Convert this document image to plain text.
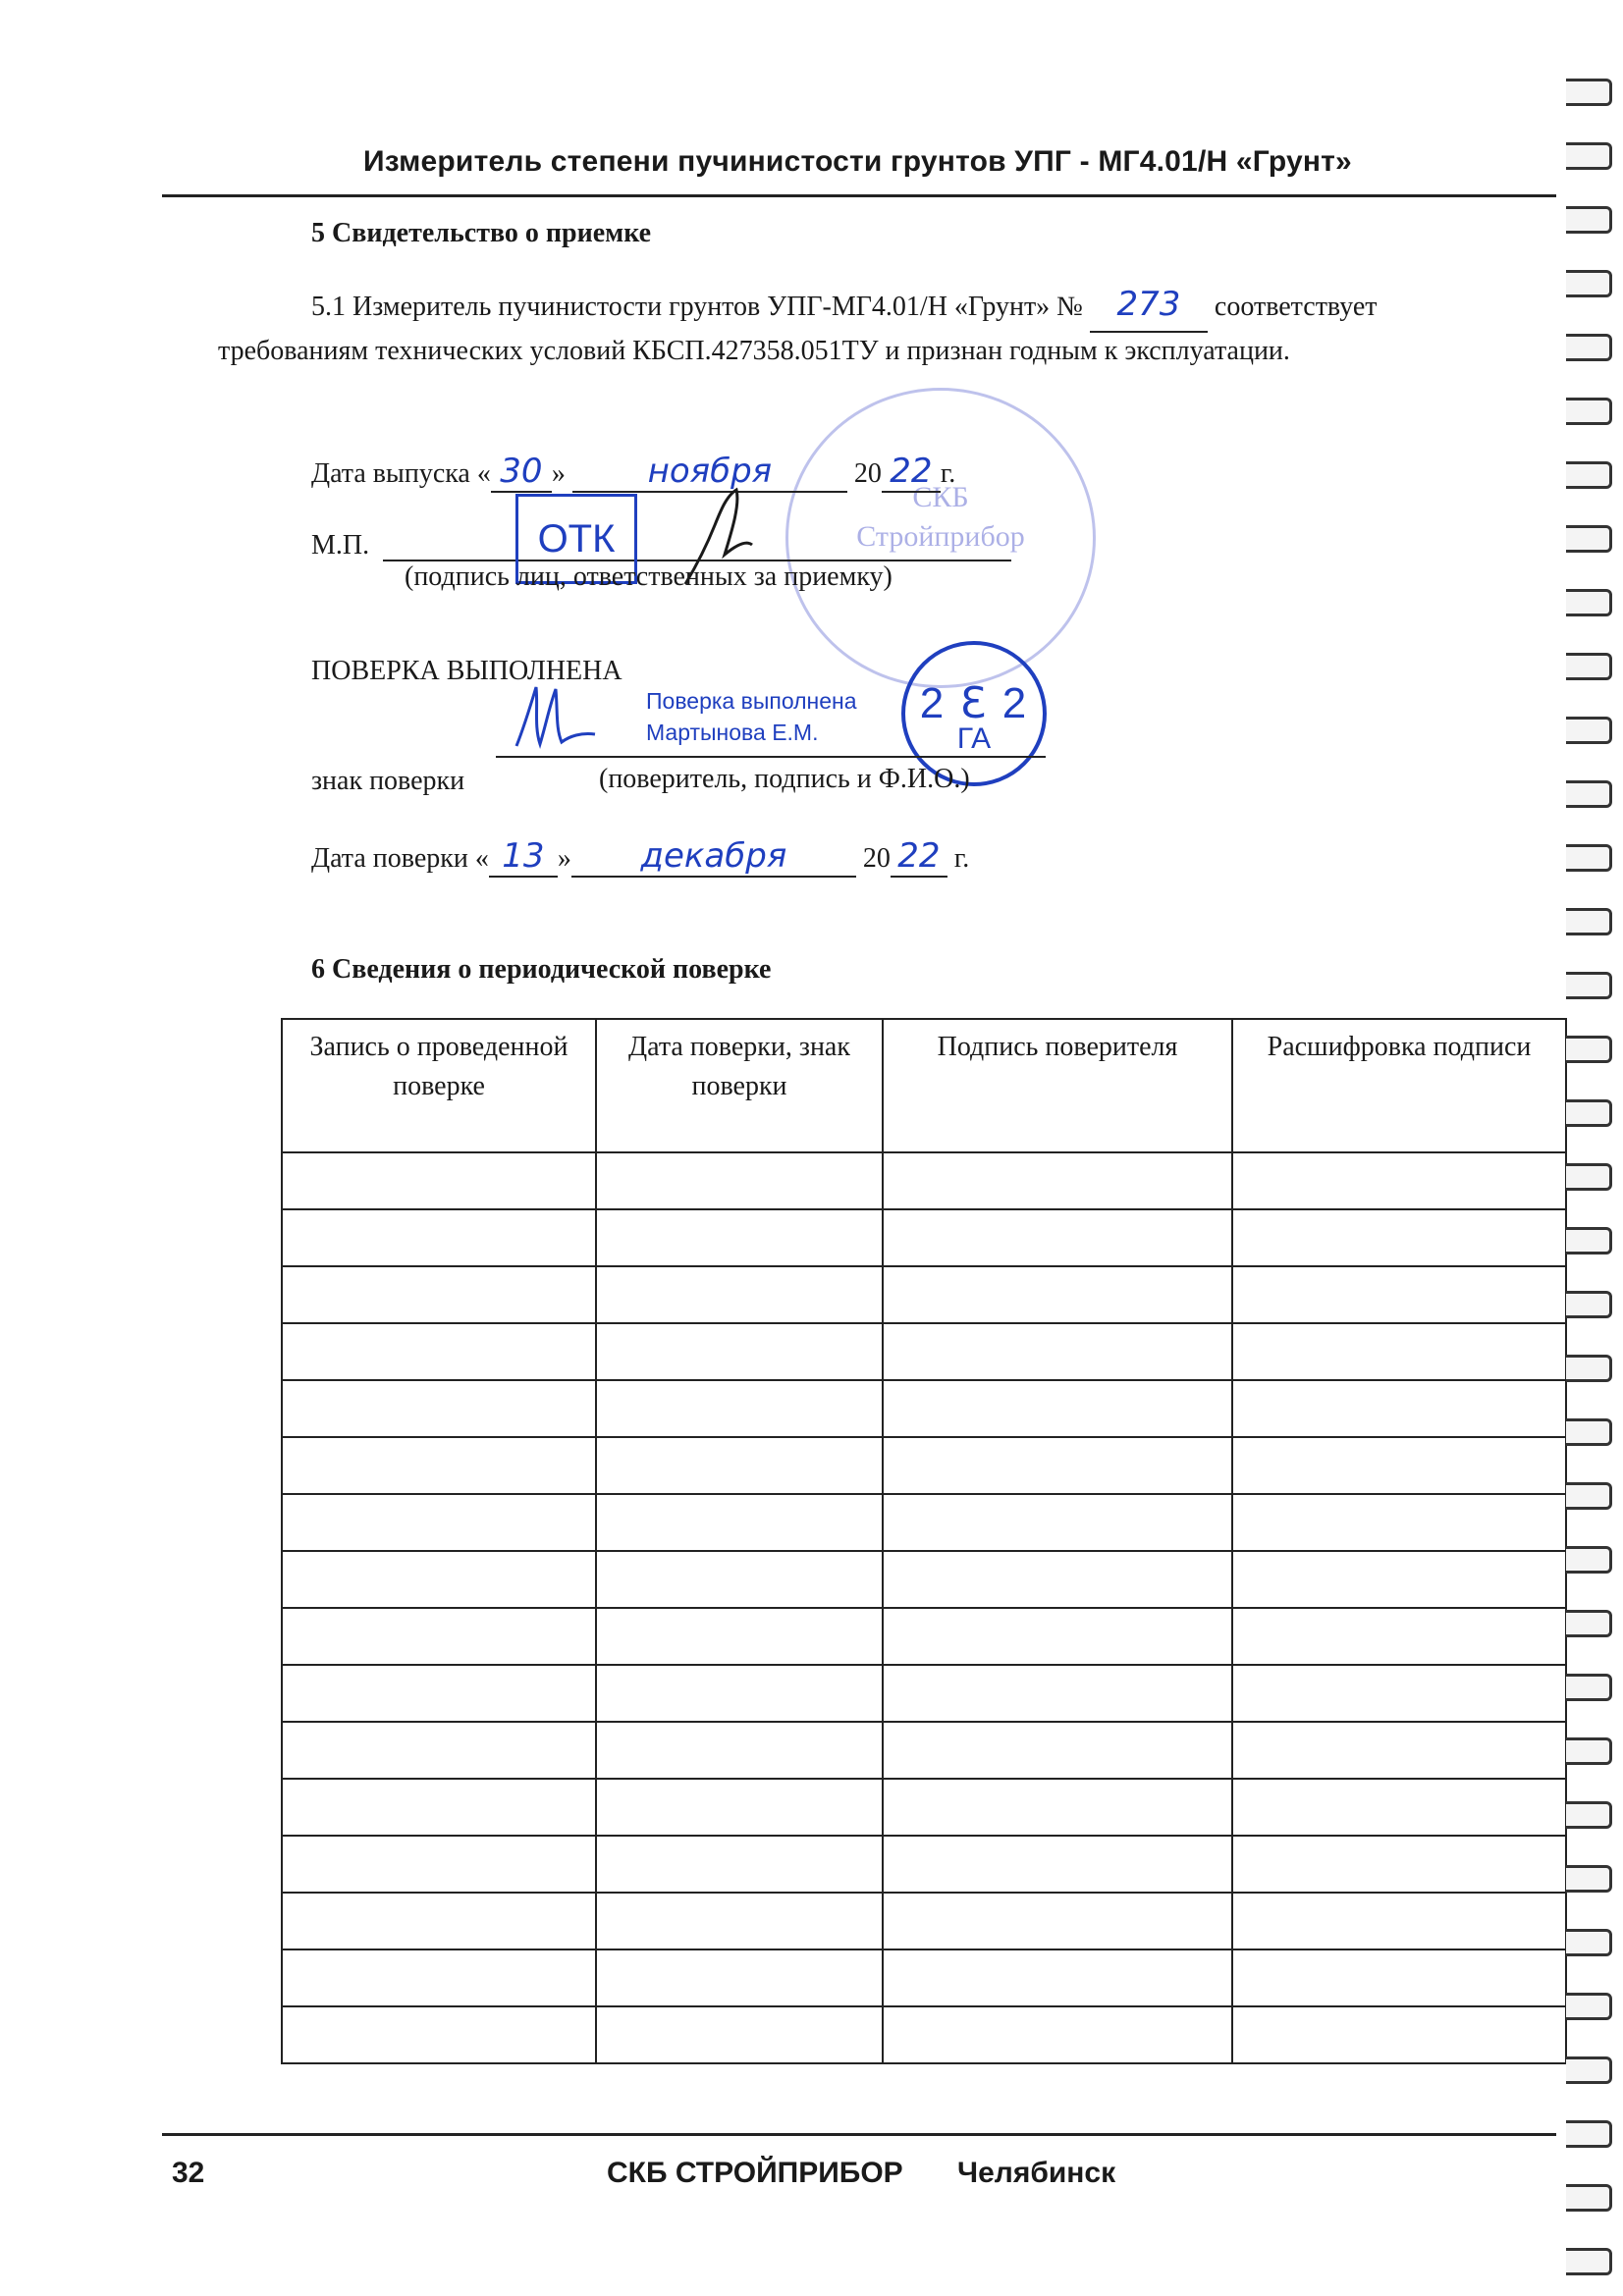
Измеритель степени пучинистости грунтов УПГ - МГ4.01/Н «Грунт»
5 Свидетельство о приемке
5.1 Измеритель пучинистости грунтов УПГ-МГ4.01/Н «Грунт» № 273 соответствует
требованиям технических условий КБСП.427358.051ТУ и признан годным к эксплуатации.
СКБ
Стройприбор
Дата выпуска « 30 » ноября	20 22 г.
М.П.	ОТК
(подпись лиц, ответственных за приемку)
ПОВЕРКА ВЫПОЛНЕНА
Поверка выполнена
Мартынова Е.М.
2 ℇ 2
ГА
знак поверки	(поверитель, подпись и Ф.И.О.)
Дата поверки « 13 » декабря	20 22 г.
6 Сведения о периодической поверке
Запись о проведенной поверке	Дата поверки, знак поверки	Подпись поверителя	Расшифровка подписи

32	СКБ СТРОЙПРИБОР Челябинск
